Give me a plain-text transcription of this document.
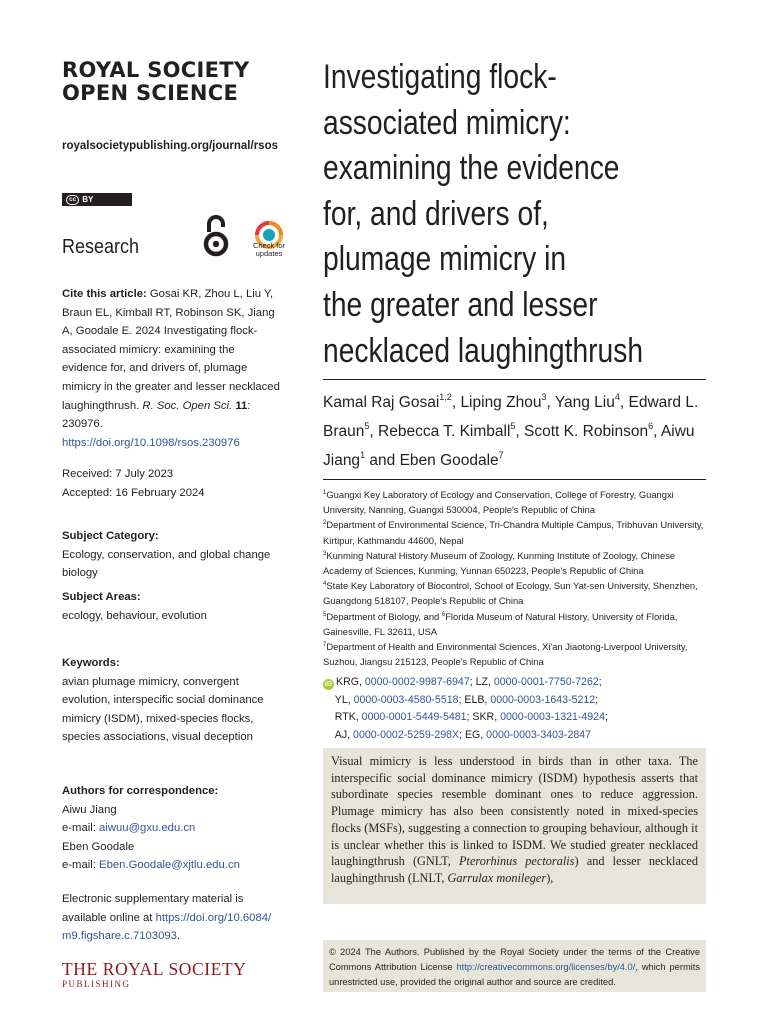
ROYAL SOCIETY
OPEN SCIENCE
royalsocietypublishing.org/journal/rsos
cc BY
Research	Check for updates
Cite this article: Gosai KR, Zhou L, Liu Y, Braun EL, Kimball RT, Robinson SK, Jiang A, Goodale E. 2024 Investigating flock-associated mimicry: examining the evidence for, and drivers of, plumage mimicry in the greater and lesser necklaced laughingthrush. R. Soc. Open Sci. 11: 230976.
https://doi.org/10.1098/rsos.230976
Received: 7 July 2023
Accepted: 16 February 2024
Subject Category:
Ecology, conservation, and global change biology
Subject Areas:
ecology, behaviour, evolution
Keywords:
avian plumage mimicry, convergent evolution, interspecific social dominance mimicry (ISDM), mixed-species flocks, species associations, visual deception
Authors for correspondence:
Aiwu Jiang
e-mail: aiwuu@gxu.edu.cn
Eben Goodale
e-mail: Eben.Goodale@xjtlu.edu.cn
Electronic supplementary material is available online at https://doi.org/10.6084/
m9.figshare.c.7103093.
THE ROYAL SOCIETY
PUBLISHING
Investigating flock-
associated mimicry:
examining the evidence
for, and drivers of,
plumage mimicry in
the greater and lesser
necklaced laughingthrush
Kamal Raj Gosai$^{1,2}$, Liping Zhou$^3$, Yang Liu$^4$, Edward L. Braun$^5$, Rebecca T. Kimball$^5$, Scott K. Robinson$^6$, Aiwu Jiang$^1$ and Eben Goodale$^7$
$^1$Guangxi Key Laboratory of Ecology and Conservation, College of Forestry, Guangxi University, Nanning, Guangxi 530004, People's Republic of China
$^2$Department of Environmental Science, Tri-Chandra Multiple Campus, Tribhuvan University, Kirtipur, Kathmandu 44600, Nepal
$^3$Kunming Natural History Museum of Zoology, Kunming Institute of Zoology, Chinese Academy of Sciences, Kunming, Yunnan 650223, People's Republic of China
$^4$State Key Laboratory of Biocontrol, School of Ecology, Sun Yat-sen University, Shenzhen, Guangdong 518107, People's Republic of China
$^5$Department of Biology, and $^6$Florida Museum of Natural History, University of Florida, Gainesville, FL 32611, USA
$^7$Department of Health and Environmental Sciences, Xi'an Jiaotong-Liverpool University, Suzhou, Jiangsu 215123, People's Republic of China
iD KRG, 0000-0002-9987-6947; LZ, 0000-0001-7750-7262;
YL, 0000-0003-4580-5518; ELB, 0000-0003-1643-5212;
RTK, 0000-0001-5449-5481; SKR, 0000-0003-1321-4924;
AJ, 0000-0002-5259-298X; EG, 0000-0003-3403-2847
Visual mimicry is less understood in birds than in other taxa. The interspecific social dominance mimicry (ISDM) hypothesis asserts that subordinate species resemble dominant ones to reduce aggression. Plumage mimicry has also been consistently noted in mixed-species flocks (MSFs), suggesting a connection to grouping behaviour, although it is unclear whether this is linked to ISDM. We studied greater necklaced laughingthrush (GNLT, Pterorhinus pectoralis) and lesser necklaced laughingthrush (LNLT, Garrulax monileger),
© 2024 The Authors. Published by the Royal Society under the terms of the Creative Commons Attribution License http://creativecommons.org/licenses/by/4.0/, which permits unrestricted use, provided the original author and source are credited.
